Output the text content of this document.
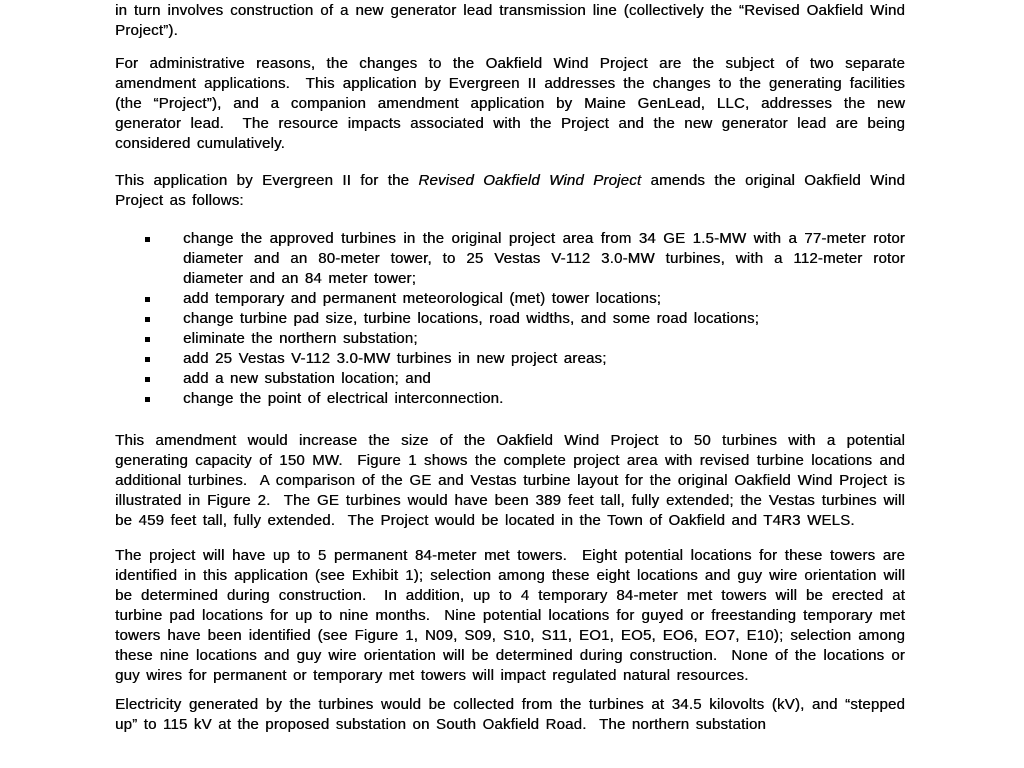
in turn involves construction of a new generator lead transmission line (collectively the “Revised Oakfield Wind Project”).

For administrative reasons, the changes to the Oakfield Wind Project are the subject of two separate amendment applications.  This application by Evergreen II addresses the changes to the generating facilities (the “Project”), and a companion amendment application by Maine GenLead, LLC, addresses the new generator lead.  The resource impacts associated with the Project and the new generator lead are being considered cumulatively.

This application by Evergreen II for the Revised Oakfield Wind Project amends the original Oakfield Wind Project as follows:

change the approved turbines in the original project area from 34 GE 1.5-MW with a 77-meter rotor diameter and an 80-meter tower, to 25 Vestas V-112 3.0-MW turbines, with a 112-meter rotor diameter and an 84 meter tower;
add temporary and permanent meteorological (met) tower locations;
change turbine pad size, turbine locations, road widths, and some road locations;
eliminate the northern substation;
add 25 Vestas V-112 3.0-MW turbines in new project areas;
add a new substation location; and
change the point of electrical interconnection.

This amendment would increase the size of the Oakfield Wind Project to 50 turbines with a potential generating capacity of 150 MW.  Figure 1 shows the complete project area with revised turbine locations and additional turbines.  A comparison of the GE and Vestas turbine layout for the original Oakfield Wind Project is illustrated in Figure 2.  The GE turbines would have been 389 feet tall, fully extended; the Vestas turbines will be 459 feet tall, fully extended.  The Project would be located in the Town of Oakfield and T4R3 WELS.

The project will have up to 5 permanent 84-meter met towers.  Eight potential locations for these towers are identified in this application (see Exhibit 1); selection among these eight locations and guy wire orientation will be determined during construction.  In addition, up to 4 temporary 84-meter met towers will be erected at turbine pad locations for up to nine months.  Nine potential locations for guyed or freestanding temporary met towers have been identified (see Figure 1, N09, S09, S10, S11, EO1, EO5, EO6, EO7, E10); selection among these nine locations and guy wire orientation will be determined during construction.  None of the locations or guy wires for permanent or temporary met towers will impact regulated natural resources.

Electricity generated by the turbines would be collected from the turbines at 34.5 kilovolts (kV), and “stepped up” to 115 kV at the proposed substation on South Oakfield Road.  The northern substation
